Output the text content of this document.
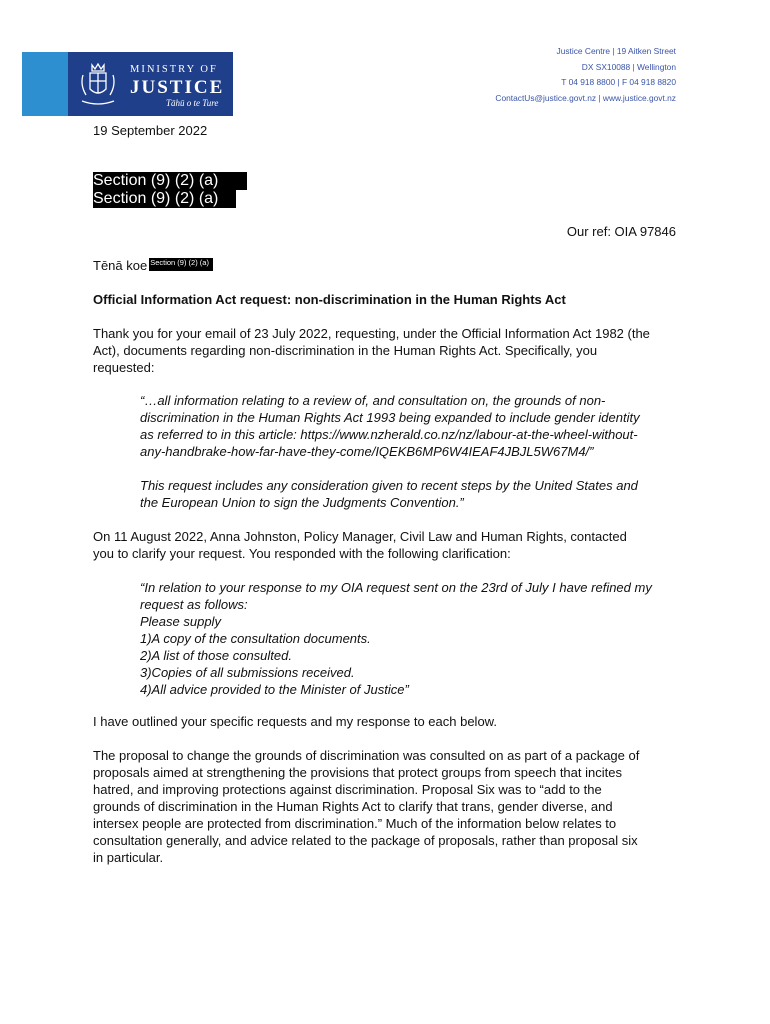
MINISTRY OF
JUSTICE
Tāhū o te Ture
Justice Centre | 19 Aitken Street
DX SX10088 | Wellington
T 04 918 8800 | F 04 918 8820
ContactUs@justice.govt.nz | www.justice.govt.nz
19 September 2022
Section (9) (2) (a)
Section (9) (2) (a)
Our ref: OIA 97846
Tēnā koe Section (9) (2) (a)
Official Information Act request: non-discrimination in the Human Rights Act

Thank you for your email of 23 July 2022, requesting, under the Official Information Act 1982 (the
Act), documents regarding non-discrimination in the Human Rights Act. Specifically, you
requested:

“…all information relating to a review of, and consultation on, the grounds of non-
discrimination in the Human Rights Act 1993 being expanded to include gender identity
as referred to in this article: https://www.nzherald.co.nz/nz/labour-at-the-wheel-without-
any-handbrake-how-far-have-they-come/IQEKB6MP6W4IEAF4JBJL5W67M4/”

This request includes any consideration given to recent steps by the United States and
the European Union to sign the Judgments Convention.”

On 11 August 2022, Anna Johnston, Policy Manager, Civil Law and Human Rights, contacted
you to clarify your request. You responded with the following clarification:

“In relation to your response to my OIA request sent on the 23rd of July I have refined my
request as follows:
Please supply
1)A copy of the consultation documents.
2)A list of those consulted.
3)Copies of all submissions received.
4)All advice provided to the Minister of Justice”

I have outlined your specific requests and my response to each below.

The proposal to change the grounds of discrimination was consulted on as part of a package of
proposals aimed at strengthening the provisions that protect groups from speech that incites
hatred, and improving protections against discrimination. Proposal Six was to “add to the
grounds of discrimination in the Human Rights Act to clarify that trans, gender diverse, and
intersex people are protected from discrimination.” Much of the information below relates to
consultation generally, and advice related to the package of proposals, rather than proposal six
in particular.
